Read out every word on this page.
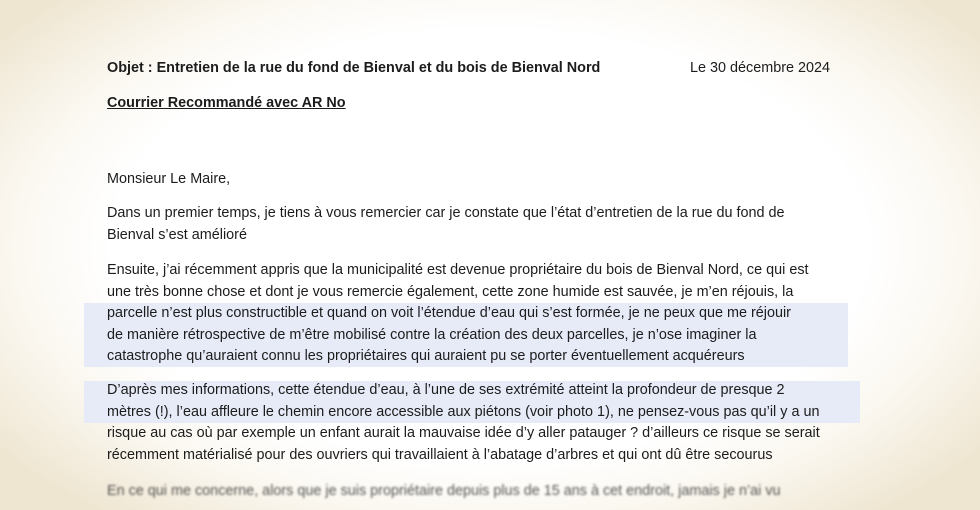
Objet : Entretien de la rue du fond de Bienval et du bois de Bienval Nord	Le 30 décembre 2024
Courrier Recommandé avec AR No
Monsieur Le Maire,
Dans un premier temps, je tiens à vous remercier car je constate que l’état d’entretien de la rue du fond de
Bienval s’est amélioré
Ensuite, j’ai récemment appris que la municipalité est devenue propriétaire du bois de Bienval Nord, ce qui est
une très bonne chose et dont je vous remercie également, cette zone humide est sauvée, je m’en réjouis, la
parcelle n’est plus constructible et quand on voit l’étendue d’eau qui s’est formée, je ne peux que me réjouir
de manière rétrospective de m’être mobilisé contre la création des deux parcelles, je n’ose imaginer la
catastrophe qu’auraient connu les propriétaires qui auraient pu se porter éventuellement acquéreurs
D’après mes informations, cette étendue d’eau, à l’une de ses extrémité atteint la profondeur de presque 2
mètres (!), l’eau affleure le chemin encore accessible aux piétons (voir photo 1), ne pensez-vous pas qu’il y a un
risque au cas où par exemple un enfant aurait la mauvaise idée d’y aller patauger ? d’ailleurs ce risque se serait
récemment matérialisé pour des ouvriers qui travaillaient à l’abatage d’arbres et qui ont dû être secourus
En ce qui me concerne, alors que je suis propriétaire depuis plus de 15 ans à cet endroit, jamais je n’ai vu
